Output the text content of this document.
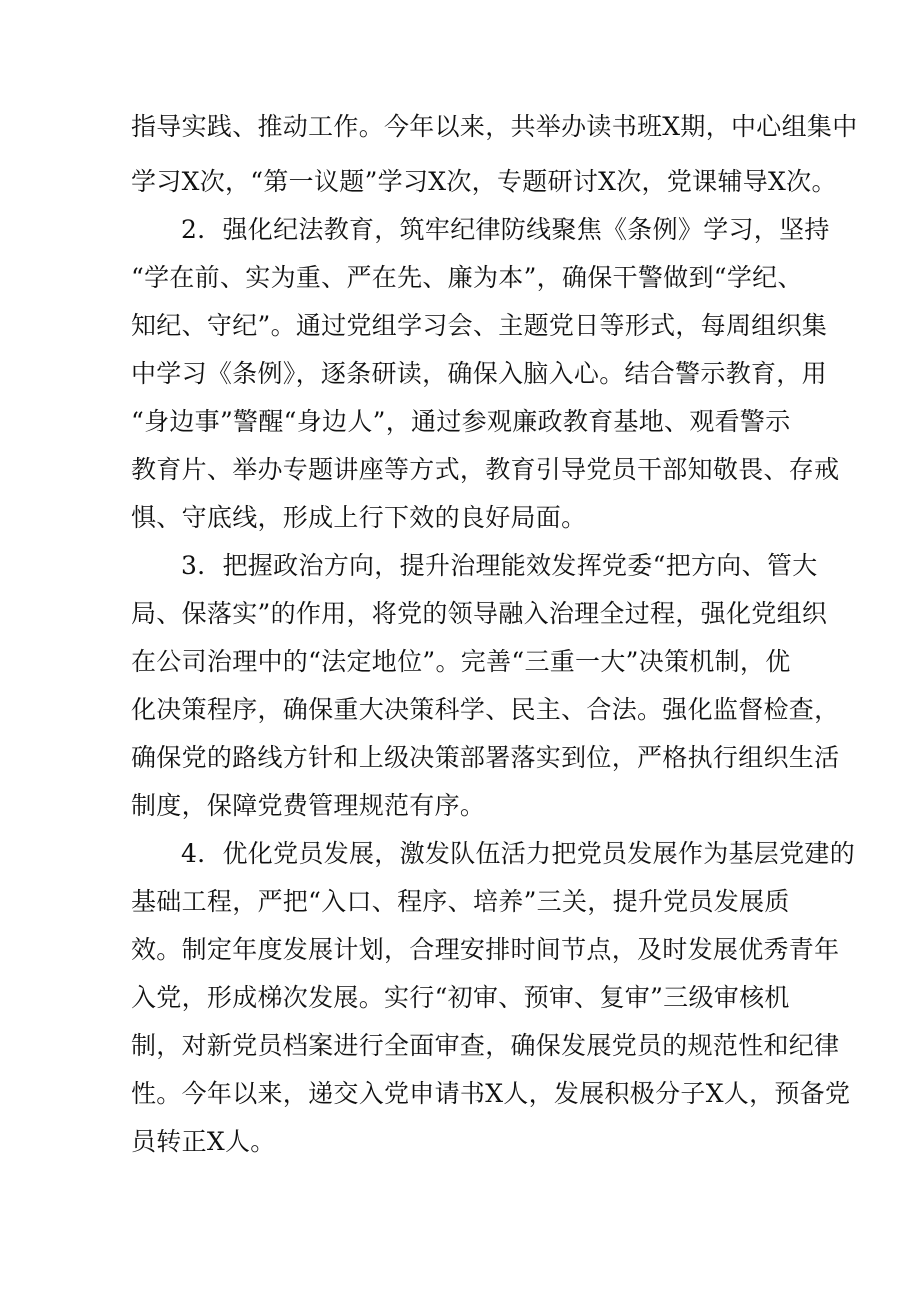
指导实践、推动工作。今年以来，共举办读书班X期，中心组集中
学习X次，“第一议题”学习X次，专题研讨X次，党课辅导X次。
2．强化纪法教育，筑牢纪律防线聚焦《条例》学习，坚持
“学在前、实为重、严在先、廉为本”，确保干警做到“学纪、
知纪、守纪”。通过党组学习会、主题党日等形式，每周组织集
中学习《条例》，逐条研读，确保入脑入心。结合警示教育，用
“身边事”警醒“身边人”，通过参观廉政教育基地、观看警示
教育片、举办专题讲座等方式，教育引导党员干部知敬畏、存戒
惧、守底线，形成上行下效的良好局面。
3．把握政治方向，提升治理能效发挥党委“把方向、管大
局、保落实”的作用，将党的领导融入治理全过程，强化党组织
在公司治理中的“法定地位”。完善“三重一大”决策机制，优
化决策程序，确保重大决策科学、民主、合法。强化监督检查，
确保党的路线方针和上级决策部署落实到位，严格执行组织生活
制度，保障党费管理规范有序。
4．优化党员发展，激发队伍活力把党员发展作为基层党建的
基础工程，严把“入口、程序、培养”三关，提升党员发展质
效。制定年度发展计划，合理安排时间节点，及时发展优秀青年
入党，形成梯次发展。实行“初审、预审、复审”三级审核机
制，对新党员档案进行全面审查，确保发展党员的规范性和纪律
性。今年以来，递交入党申请书X人，发展积极分子X人，预备党
员转正X人。
